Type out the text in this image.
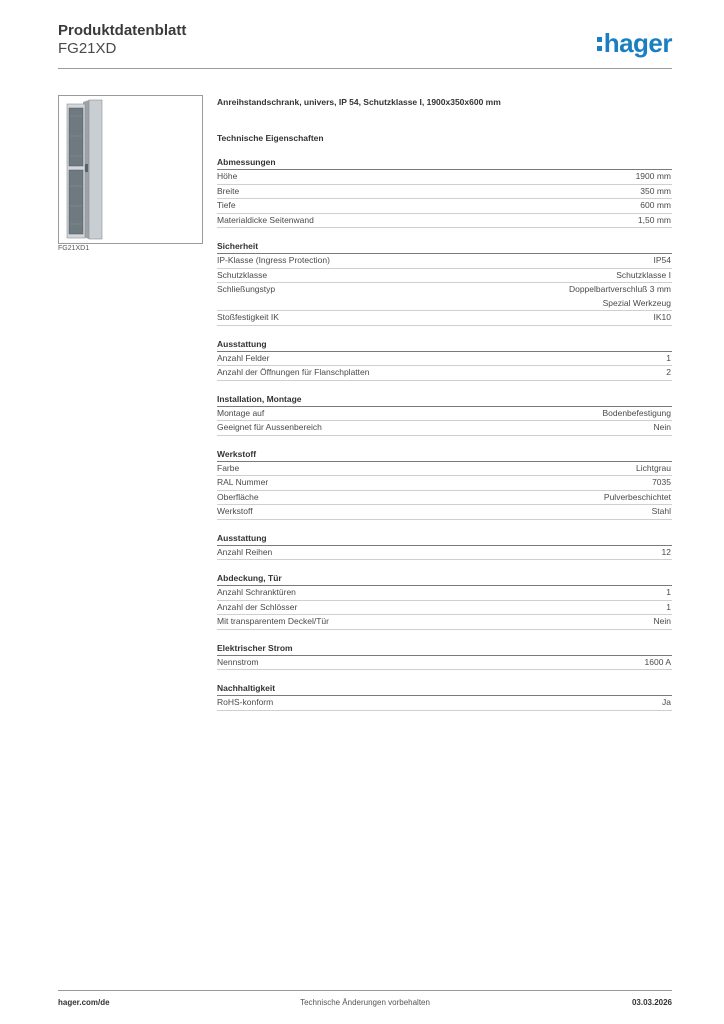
Produktdatenblatt
FG21XD	hager
FG21XD1
Anreihstandschrank, univers, IP 54, Schutzklasse I, 1900x350x600 mm
Technische Eigenschaften
Abmessungen
Höhe	1900 mm
Breite	350 mm
Tiefe	600 mm
Materialdicke Seitenwand	1,50 mm
Sicherheit
IP-Klasse (Ingress Protection)	IP54
Schutzklasse	Schutzklasse I
Schließungstyp	Doppelbartverschluß 3 mm
Spezial Werkzeug
Stoßfestigkeit IK	IK10
Ausstattung
Anzahl Felder	1
Anzahl der Öffnungen für Flanschplatten	2
Installation, Montage
Montage auf	Bodenbefestigung
Geeignet für Aussenbereich	Nein
Werkstoff
Farbe	Lichtgrau
RAL Nummer	7035
Oberfläche	Pulverbeschichtet
Werkstoff	Stahl
Ausstattung
Anzahl Reihen	12
Abdeckung, Tür
Anzahl Schranktüren	1
Anzahl der Schlösser	1
Mit transparentem Deckel/Tür	Nein
Elektrischer Strom
Nennstrom	1600 A
Nachhaltigkeit
RoHS-konform	Ja
hager.com/de	Technische Änderungen vorbehalten	03.03.2026
